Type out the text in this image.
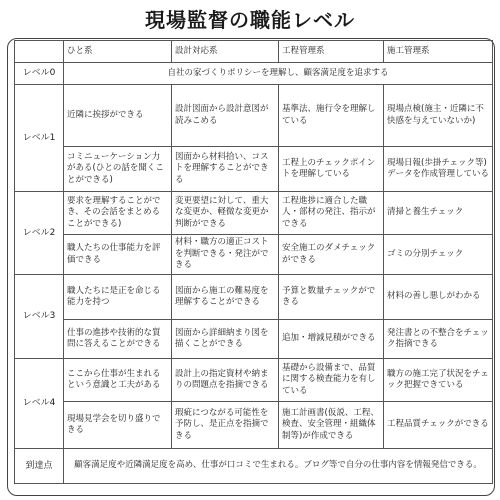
現場監督の職能レベル
	ひと系	設計対応系	工程管理系	施工管理系
レベル0	自社の家づくりポリシーを理解し、顧客満足度を追求する			
レベル1	近隣に挨拶ができる	設計図面から設計意図が読みこめる	基準法、施行令を理解している	現場点検(施主・近隣に不快感を与えていないか)
	コミニューケーション力がある(ひとの話を聞くことができる)	図面から材料拾い、コストを理解することができる	工程上のチェックポイントを理解している	現場日報(歩掛チェック等)データを作成管理している
レベル2	要求を理解することができ、その会話をまとめることができる)	変更要望に対して、重大な変更か、軽微な変更か判断ができる	工程進捗に適合した職人・部材の発注、指示ができる	清掃と養生チェック
	職人たちの仕事能力を評価できる	材料・職方の適正コストを判断できる・発注ができる	安全施工のダメチェックができる	ゴミの分別チェック
レベル3	職人たちに是正を命じる能力を持つ	図面から施工の難易度を理解することができる	予算と数量チェックができる	材料の善し悪しがわかる
	仕事の進捗や技術的な質問に答えることができる	図面から詳細納まり図を描くことができる	追加・増減見積ができる	発注書との不整合をチェック指摘できる
レベル4	ここから仕事が生まれるという意識と工夫がある	設計上の指定資材や納まりの問題点を指摘できる	基礎から設備まで、品質に関する検査能力を有している	職方の施工完了状況をチェック把握できている
	現場見学会を切り盛りできる	瑕疵につながる可能性を予防し、是正点を指摘できる	施工計画書(仮説、工程、検査、安全管理・組織体制等)が作成できる	工程品質チェックができる
到達点	顧客満足度や近隣満足度を高め、仕事が口コミで生まれる。ブログ等で自分の仕事内容を情報発信できる。			
